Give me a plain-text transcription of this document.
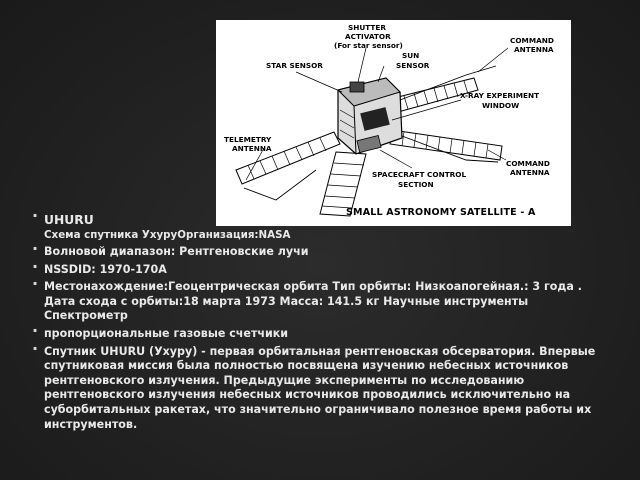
SHUTTER
ACTIVATOR
(For star sensor)
SUN
SENSOR
STAR SENSOR
COMMAND
ANTENNA
X-RAY EXPERIMENT
WINDOW
TELEMETRY
ANTENNA
COMMAND
ANTENNA
SPACECRAFT CONTROL
SECTION
SMALL ASTRONOMY SATELLITE - A
· UHURU
Схема спутника УхуруОрганизация:NASA
· Волновой диапазон: Рентгеновские лучи
· NSSDID: 1970-170A
· Местонахождение:Геоцентрическая орбита Тип орбиты: Низкоапогейная.: 3 года . Дата схода с орбиты:18 марта 1973 Масса: 141.5 кг Научные инструменты Спектрометр
· пропорциональные газовые счетчики
· Спутник UHURU (Ухуру) - первая орбитальная рентгеновская обсерватория. Впервые спутниковая миссия была полностью посвящена изучению небесных источников рентгеновского излучения. Предыдущие эксперименты по исследованию рентгеновского излучения небесных источников проводились исключительно на суборбитальных ракетах, что значительно ограничивало полезное время работы их инструментов.
